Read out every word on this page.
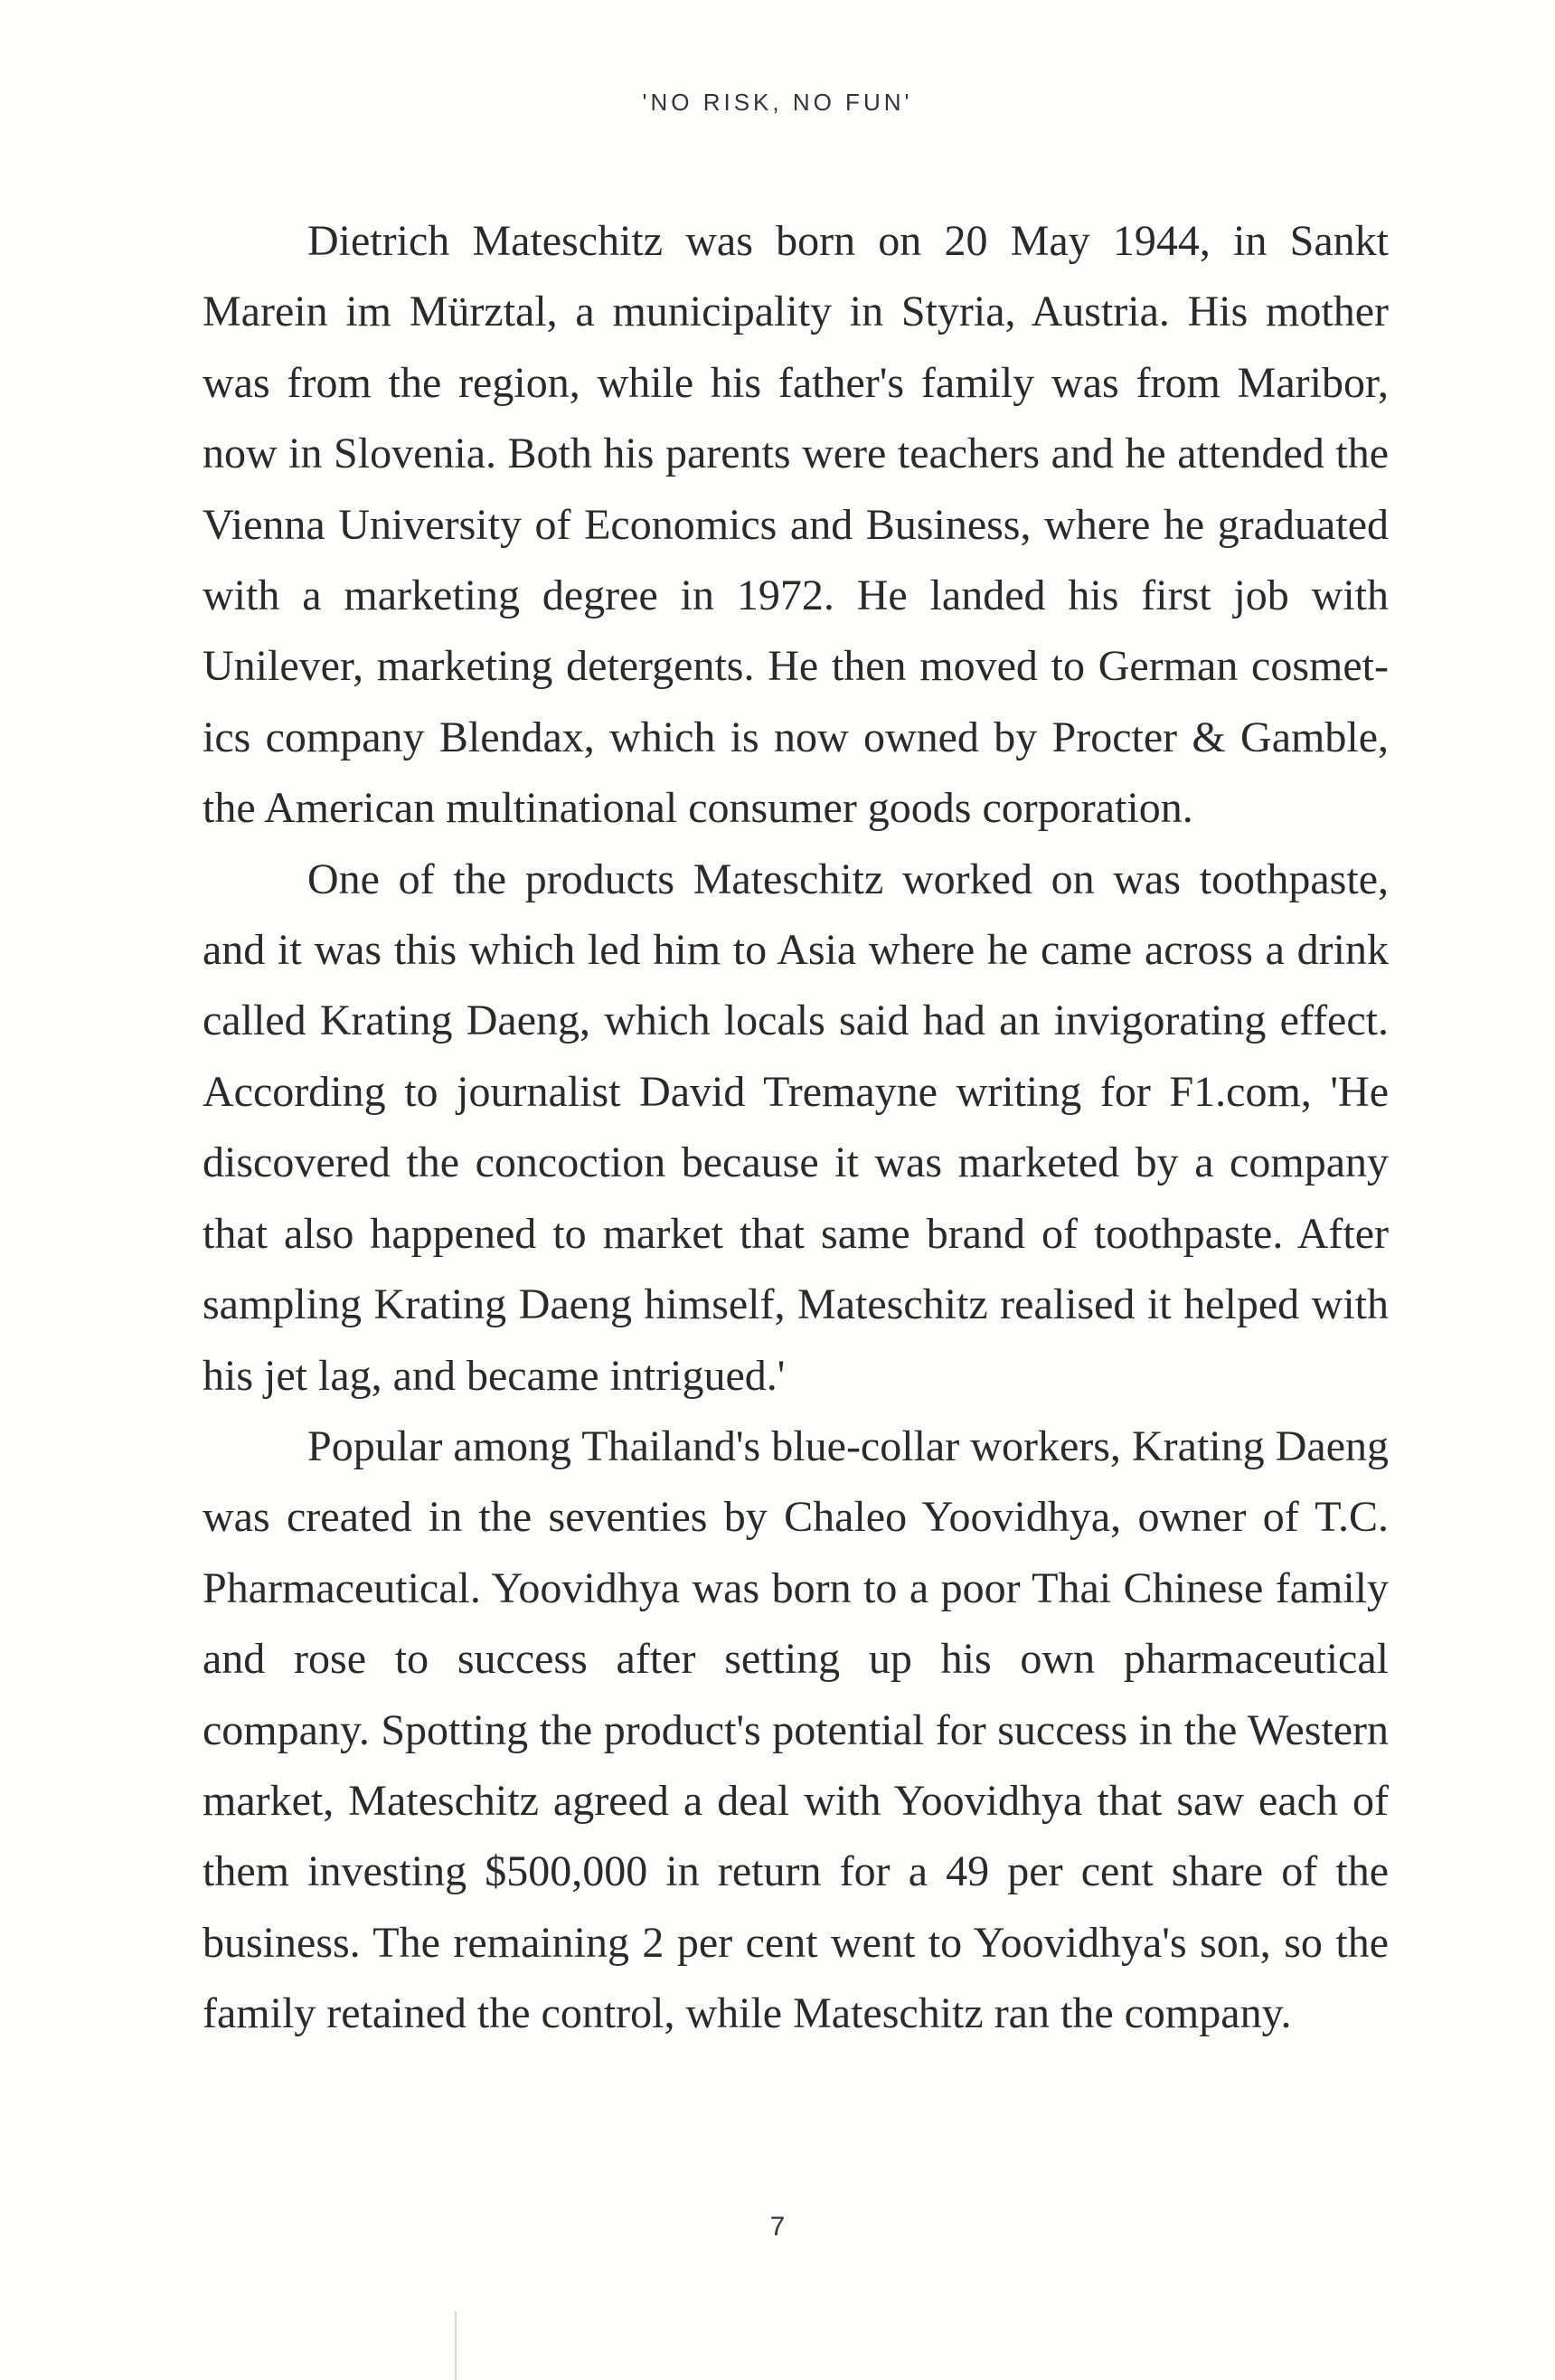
'NO RISK, NO FUN'

Dietrich Mateschitz was born on 20 May 1944, in Sankt Marein im Mürztal, a municipality in Styria, Austria. His mother was from the region, while his father's family was from Maribor, now in Slovenia. Both his parents were teachers and he attended the Vienna University of Economics and Business, where he graduated with a marketing degree in 1972. He landed his first job with Unilever, marketing detergents. He then moved to German cosmetics company Blendax, which is now owned by Procter & Gamble, the American multinational consumer goods corporation.

One of the products Mateschitz worked on was toothpaste, and it was this which led him to Asia where he came across a drink called Krating Daeng, which locals said had an invigorating effect. According to journalist David Tremayne writing for F1.com, 'He discovered the concoction because it was marketed by a company that also happened to market that same brand of toothpaste. After sampling Krating Daeng himself, Mateschitz realised it helped with his jet lag, and became intrigued.'

Popular among Thailand's blue-collar workers, Krating Daeng was created in the seventies by Chaleo Yoovidhya, owner of T.C. Pharmaceutical. Yoovidhya was born to a poor Thai Chinese family and rose to success after setting up his own pharmaceutical company. Spotting the product's potential for success in the Western market, Mateschitz agreed a deal with Yoovidhya that saw each of them investing $500,000 in return for a 49 per cent share of the business. The remaining 2 per cent went to Yoovidhya's son, so the family retained the control, while Mateschitz ran the company.

7
